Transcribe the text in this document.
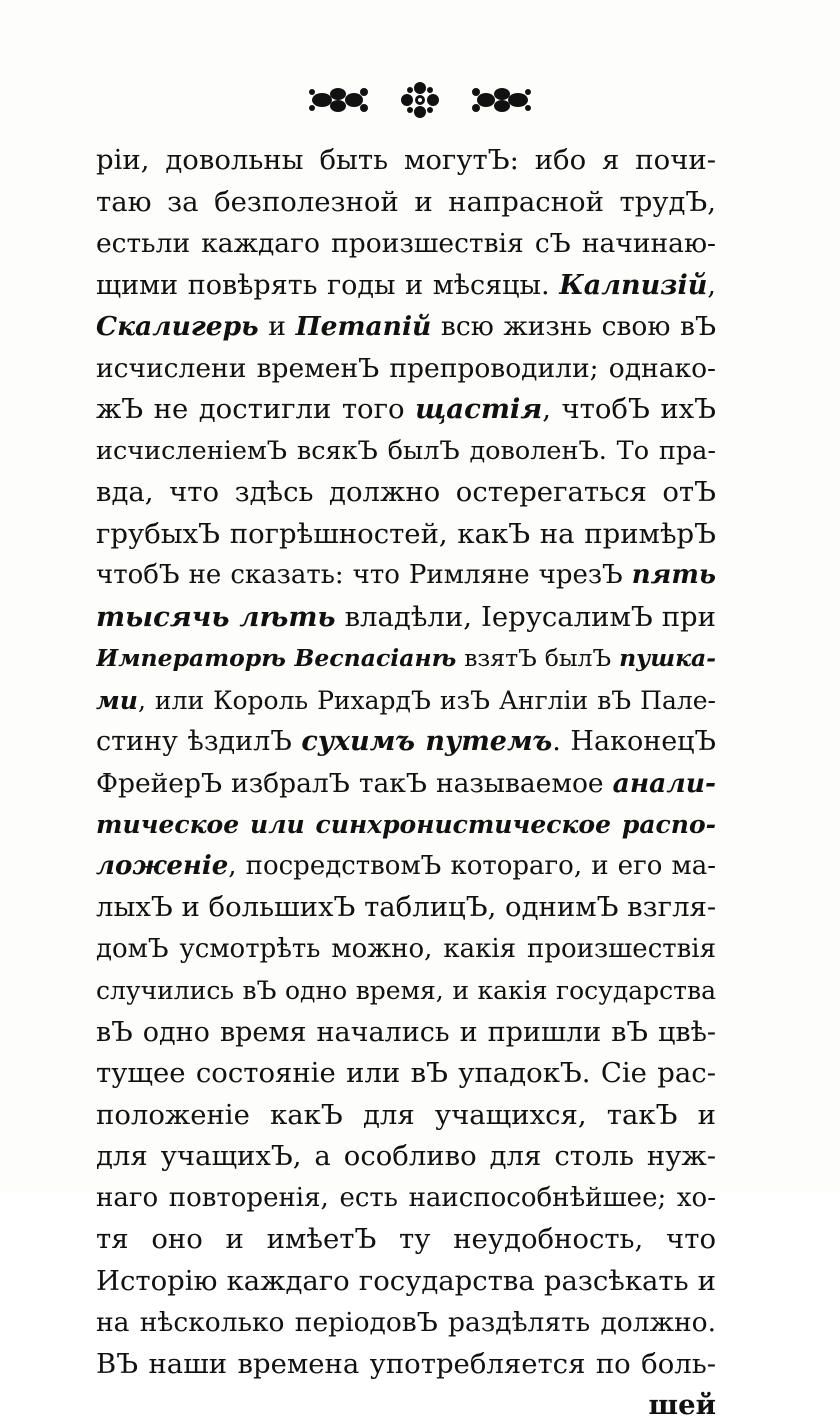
ріи, довольны быть могутЪ: ибо я почи-
таю за безполезной и напрасной трудЪ,
естьли каждаго произшествія сЪ начинаю-
щими повѣрять годы и мѣсяцы. Калпизій,
Скалигерь и Петапій всю жизнь свою вЪ
исчислени временЪ препроводили; однако-
жЪ не достигли того щастія, чтобЪ ихЪ
исчисленіемЪ всякЪ былЪ доволенЪ. То пра-
вда, что здѣсь должно остерегаться отЪ
грубыхЪ погрѣшностей, какЪ на примѣрЪ
чтобЪ не сказать: что Римляне чрезЪ пять
тысячь лѣть владѣли, ІерусалимЪ при
Императорѣ Веспасіанѣ взятЪ былЪ пушка-
ми, или Король РихардЪ изЪ Англіи вЪ Пале-
стину ѣздилЪ сухимъ путемъ. НаконецЪ
ФрейерЪ избралЪ такЪ называемое анали-
тическое или синхронистическое распо-
ложеніе, посредствомЪ котораго, и его ма-
лыхЪ и большихЪ таблицЪ, однимЪ взгля-
домЪ усмотрѣть можно, какія произшествія
случились вЪ одно время, и какія государства
вЪ одно время начались и пришли вЪ цвѣ-
тущее состояніе или вЪ упадокЪ. Сіе рас-
положеніе какЪ для учащихся, такЪ и
для учащихЪ, а особливо для столь нуж-
наго повторенія, есть наиспособнѣйшее; хо-
тя оно и имѣетЪ ту неудобность, что
Исторію каждаго государства разсѣкать и
на нѣсколько періодовЪ раздѣлять должно.
ВЪ наши времена употребляется по боль-
шей
